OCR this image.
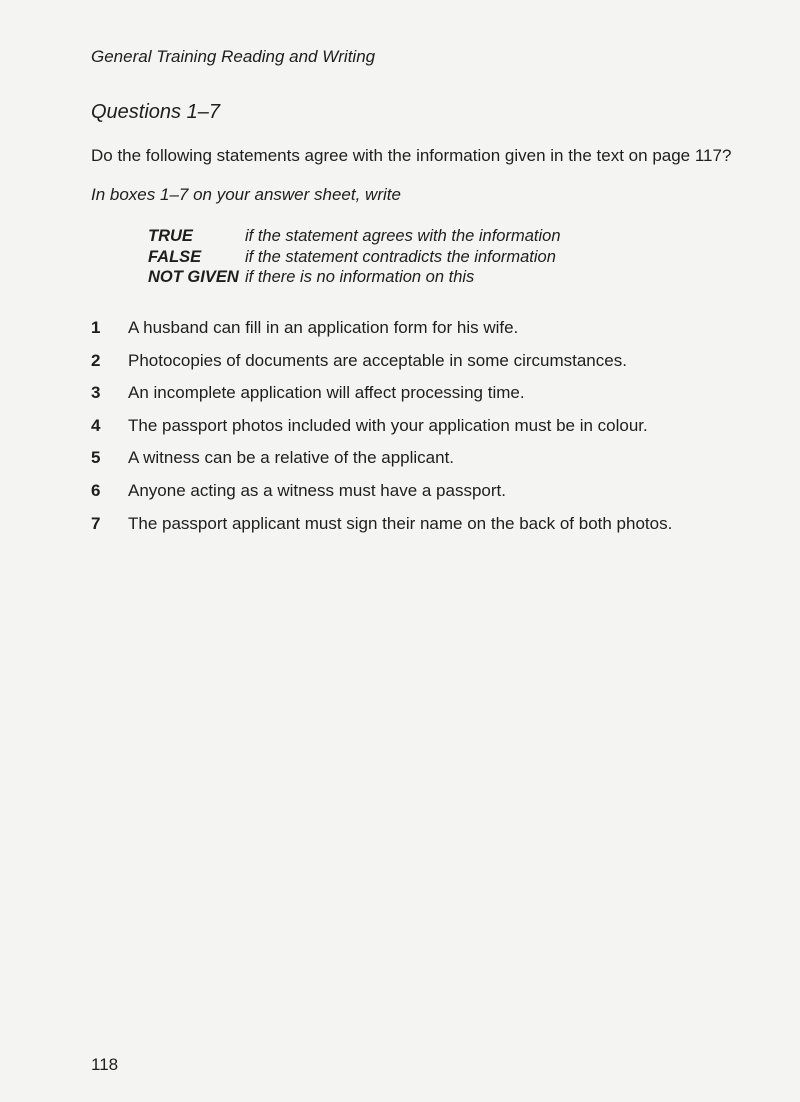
General Training Reading and Writing
Questions 1–7
Do the following statements agree with the information given in the text on page 117?
In boxes 1–7 on your answer sheet, write
TRUE	if the statement agrees with the information
FALSE	if the statement contradicts the information
NOT GIVEN if there is no information on this
1	A husband can fill in an application form for his wife.
2	Photocopies of documents are acceptable in some circumstances.
3	An incomplete application will affect processing time.
4	The passport photos included with your application must be in colour.
5	A witness can be a relative of the applicant.
6	Anyone acting as a witness must have a passport.
7	The passport applicant must sign their name on the back of both photos.
118
